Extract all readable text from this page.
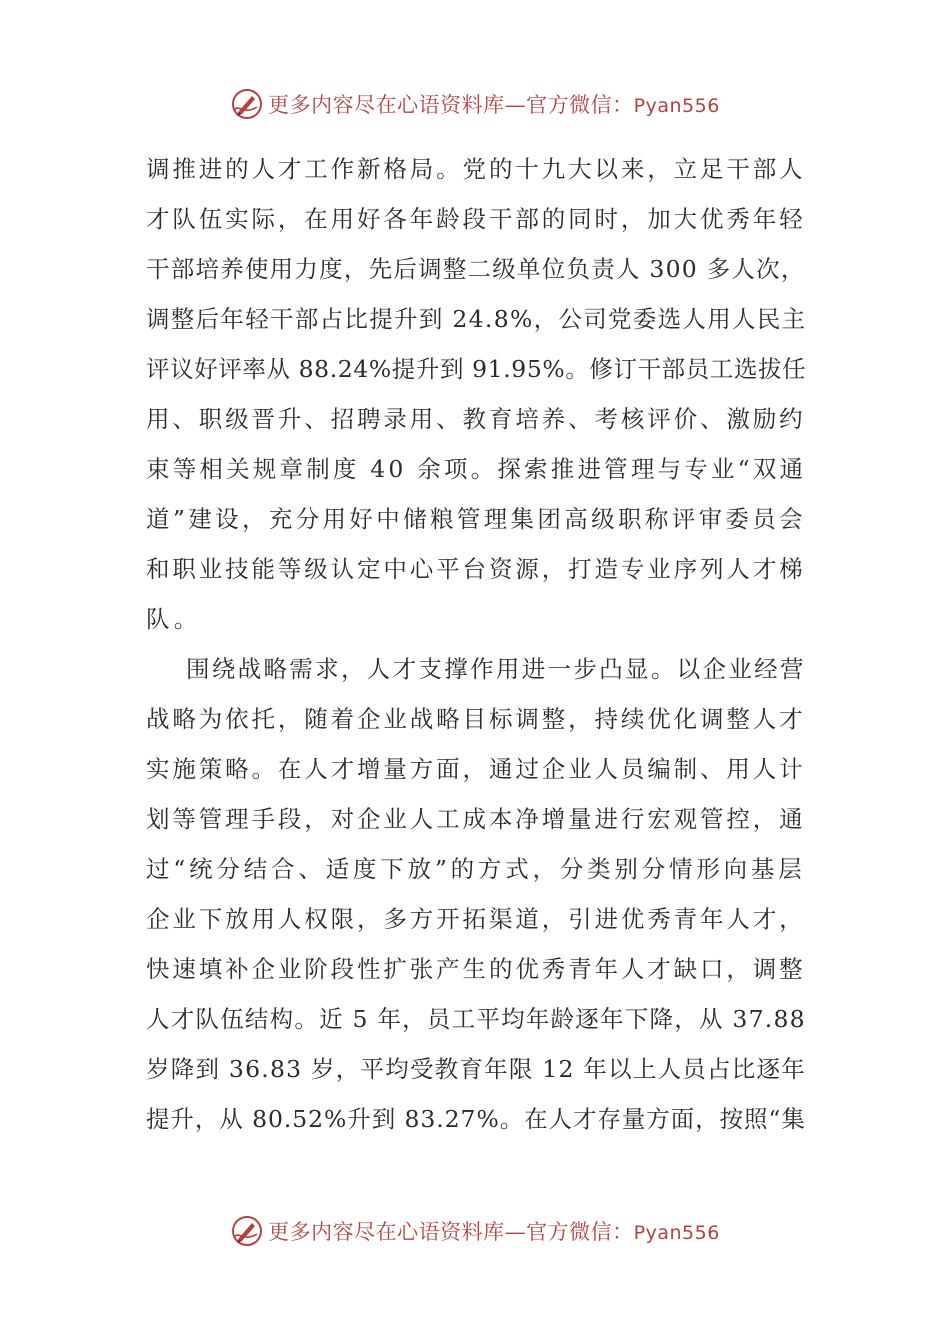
更多内容尽在心语资料库—官方微信：Pyan556

调推进的人才工作新格局。党的十九大以来，立足干部人
才队伍实际，在用好各年龄段干部的同时，加大优秀年轻
干部培养使用力度，先后调整二级单位负责人 300 多人次，
调整后年轻干部占比提升到 24.8%，公司党委选人用人民主
评议好评率从 88.24%提升到 91.95%。修订干部员工选拔任
用、职级晋升、招聘录用、教育培养、考核评价、激励约
束等相关规章制度 40 余项。探索推进管理与专业“双通
道”建设，充分用好中储粮管理集团高级职称评审委员会
和职业技能等级认定中心平台资源，打造专业序列人才梯
队。

围绕战略需求，人才支撑作用进一步凸显。以企业经营
战略为依托，随着企业战略目标调整，持续优化调整人才
实施策略。在人才增量方面，通过企业人员编制、用人计
划等管理手段，对企业人工成本净增量进行宏观管控，通
过“统分结合、适度下放”的方式，分类别分情形向基层
企业下放用人权限，多方开拓渠道，引进优秀青年人才，
快速填补企业阶段性扩张产生的优秀青年人才缺口，调整
人才队伍结构。近 5 年，员工平均年龄逐年下降，从 37.88
岁降到 36.83 岁，平均受教育年限 12 年以上人员占比逐年
提升，从 80.52%升到 83.27%。在人才存量方面，按照“集

更多内容尽在心语资料库—官方微信：Pyan556
